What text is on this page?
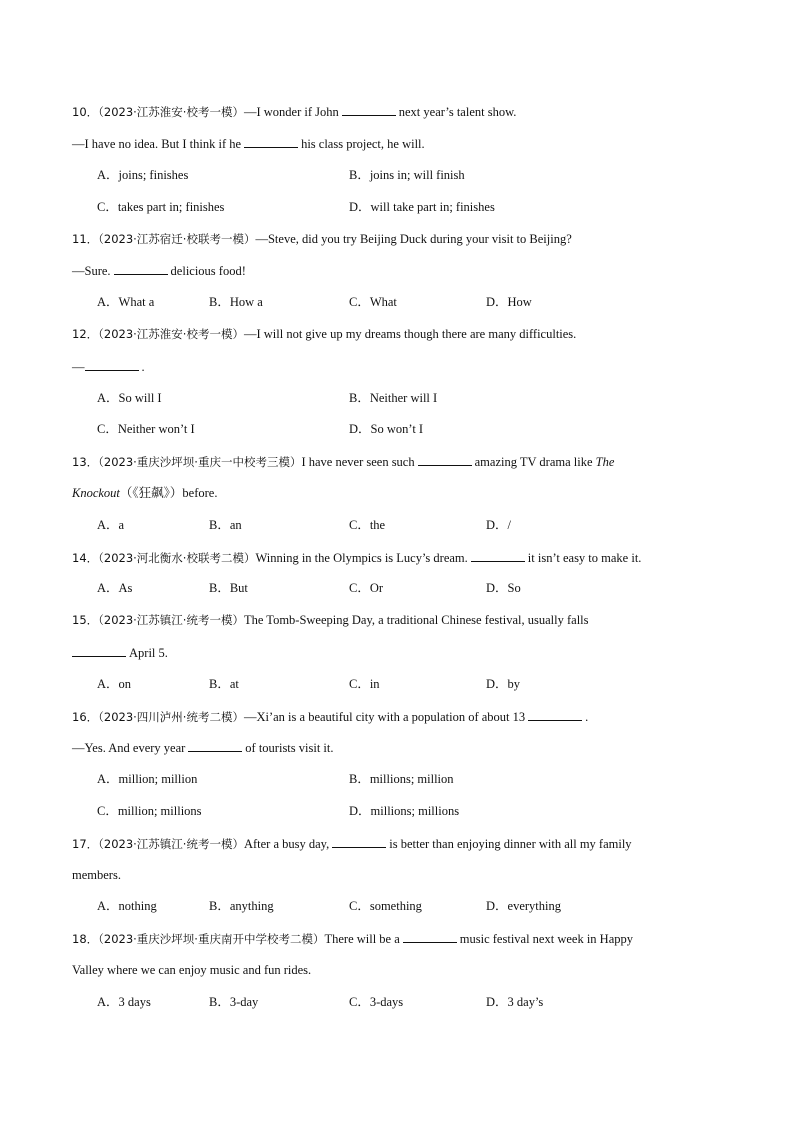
10．（2023·江苏淮安·校考一模）—I wonder if John	next year’s talent show.
—I have no idea. But I think if he	his class project, he will.
A．joins; finishes	B．joins in; will finish
C．takes part in; finishes	D．will take part in; finishes
11．（2023·江苏宿迁·校联考一模）—Steve, did you try Beijing Duck during your visit to Beijing?
—Sure.	delicious food!
A．What a	B．How a	C．What	D．How
12．（2023·江苏淮安·校考一模）—I will not give up my dreams though there are many difficulties.
—	.
A．So will I	B．Neither will I
C．Neither won’t I	D．So won’t I
13．（2023·重庆沙坪坝·重庆一中校考三模）I have never seen such	amazing TV drama like The
Knockout（《狂飙》）before.
A．a	B．an	C．the	D．/
14．（2023·河北衡水·校联考二模）Winning in the Olympics is Lucy’s dream.	it isn’t easy to make it.
A．As	B．But	C．Or	D．So
15．（2023·江苏镇江·统考一模）The Tomb-Sweeping Day, a traditional Chinese festival, usually falls
April 5.
A．on	B．at	C．in	D．by
16．（2023·四川泸州·统考二模）—Xi’an is a beautiful city with a population of about 13	.
—Yes. And every year	of tourists visit it.
A．million; million	B．millions; million
C．million; millions	D．millions; millions
17．（2023·江苏镇江·统考一模）After a busy day,	is better than enjoying dinner with all my family
members.
A．nothing	B．anything	C．something	D．everything
18．（2023·重庆沙坪坝·重庆南开中学校考二模）There will be a	music festival next week in Happy
Valley where we can enjoy music and fun rides.
A．3 days	B．3-day	C．3-days	D．3 day’s
